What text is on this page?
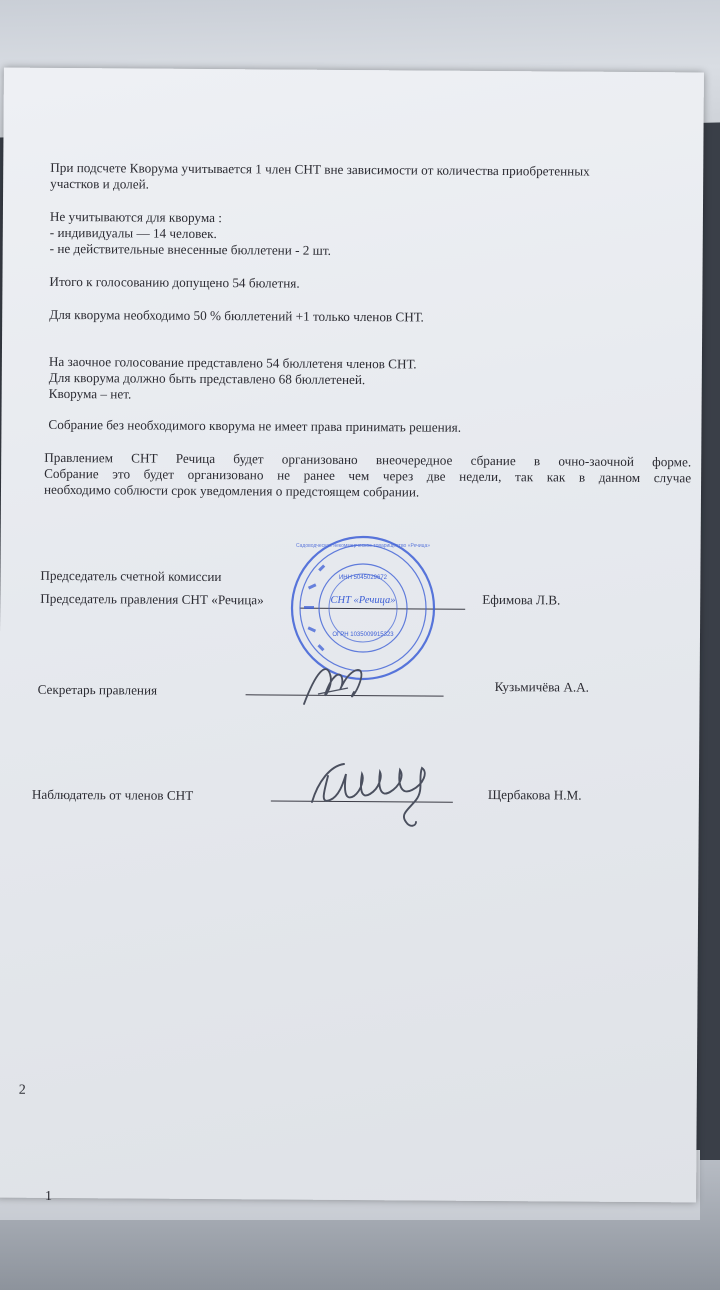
При подсчете Кворума учитывается 1 член СНТ вне зависимости от количества приобретенных
участков и долей.
Не учитываются для кворума :
- индивидуалы — 14 человек.
- не действительные внесенные бюллетени - 2 шт.
Итого к голосованию допущено 54 бюлетня.
Для кворума необходимо 50 % бюллетений +1 только членов СНТ.
На заочное голосование представлено 54 бюллетеня членов СНТ.
Для кворума должно быть представлено 68 бюллетеней.
Кворума – нет.
Собрание без необходимого кворума не имеет права принимать решения.
Правлением СНТ Речица будет организовано внеочередное сбрание в очно-заочной форме.
Собрание это будет организовано не ранее чем через две недели, так как в данном случае
необходимо соблюсти срок уведомления о предстоящем собрании.
Председатель счетной комиссии
Председатель правления СНТ «Речица»	Ефимова Л.В.
Секретарь правления	Кузьмичёва А.А.
Наблюдатель от членов СНТ	Щербакова Н.М.
2
1
СНТ «Речица»
ИНН 5045029672
ОГРН 1035009915323
Садоводческое некоммерческое товарищество «Речица»
